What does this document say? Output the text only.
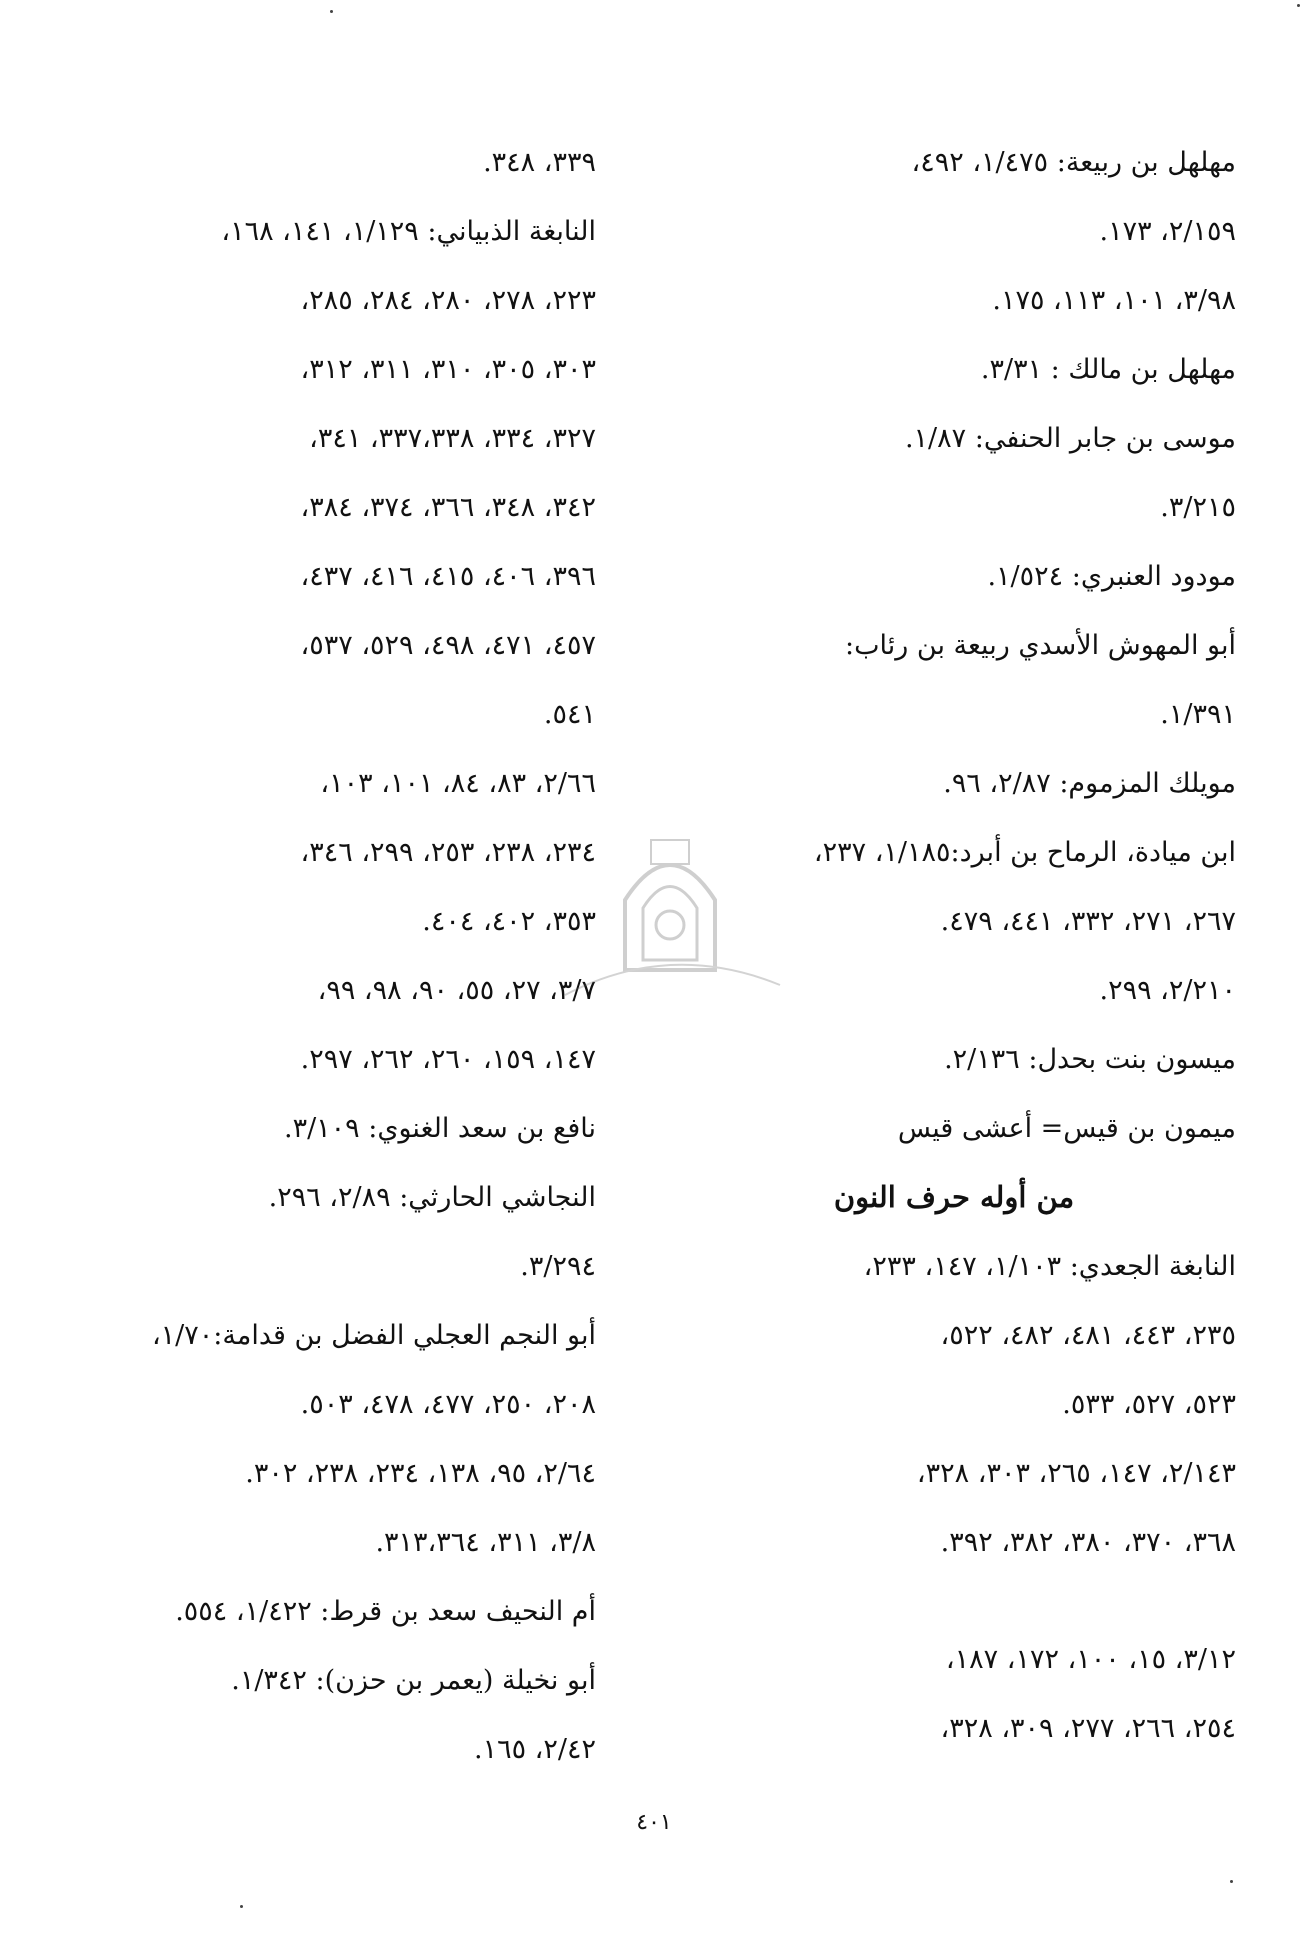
مهلهل بن ربيعة: ١/٤٧٥، ٤٩٢،
٢/١٥٩، ١٧٣.
٣/٩٨، ١٠١، ١١٣، ١٧٥.
مهلهل بن مالك : ٣/٣١.
موسى بن جابر الحنفي: ١/٨٧.
٣/٢١٥.
مودود العنبري: ١/٥٢٤.
أبو المهوش الأسدي ربيعة بن رئاب:
١/٣٩١.
مويلك المزموم: ٢/٨٧، ٩٦.
ابن ميادة، الرماح بن أبرد:١/١٨٥، ٢٣٧،
٢٦٧، ٢٧١، ٣٣٢، ٤٤١، ٤٧٩.
٢/٢١٠، ٢٩٩.
ميسون بنت بحدل: ٢/١٣٦.
ميمون بن قيس= أعشى قيس
من أوله حرف النون
النابغة الجعدي: ١/١٠٣، ١٤٧، ٢٣٣،
٢٣٥، ٤٤٣، ٤٨١، ٤٨٢، ٥٢٢،
٥٢٣، ٥٢٧، ٥٣٣.
٢/١٤٣، ١٤٧، ٢٦٥، ٣٠٣، ٣٢٨،
٣٦٨، ٣٧٠، ٣٨٠، ٣٨٢، ٣٩٢.
٣/١٢، ١٥، ١٠٠، ١٧٢، ١٨٧،
٢٥٤، ٢٦٦، ٢٧٧، ٣٠٩، ٣٢٨،
٣٣٩، ٣٤٨.
النابغة الذبياني: ١/١٢٩، ١٤١، ١٦٨،
٢٢٣، ٢٧٨، ٢٨٠، ٢٨٤، ٢٨٥،
٣٠٣، ٣٠٥، ٣١٠، ٣١١، ٣١٢،
٣٢٧، ٣٣٤، ٣٣٧،٣٣٨، ٣٤١،
٣٤٢، ٣٤٨، ٣٦٦، ٣٧٤، ٣٨٤،
٣٩٦، ٤٠٦، ٤١٥، ٤١٦، ٤٣٧،
٤٥٧، ٤٧١، ٤٩٨، ٥٢٩، ٥٣٧،
٥٤١.
٢/٦٦، ٨٣، ٨٤، ١٠١، ١٠٣،
٢٣٤، ٢٣٨، ٢٥٣، ٢٩٩، ٣٤٦،
٣٥٣، ٤٠٢، ٤٠٤.
٣/٧، ٢٧، ٥٥، ٩٠، ٩٨، ٩٩،
١٤٧، ١٥٩، ٢٦٠، ٢٦٢، ٢٩٧.
نافع بن سعد الغنوي: ٣/١٠٩.
النجاشي الحارثي: ٢/٨٩، ٢٩٦.
٣/٢٩٤.
أبو النجم العجلي الفضل بن قدامة:١/٧٠،
٢٠٨، ٢٥٠، ٤٧٧، ٤٧٨، ٥٠٣.
٢/٦٤، ٩٥، ١٣٨، ٢٣٤، ٢٣٨، ٣٠٢.
٣/٨، ٣١١، ٣١٣،٣٦٤.
أم النحيف سعد بن قرط: ١/٤٢٢، ٥٥٤.
أبو نخيلة (يعمر بن حزن): ١/٣٤٢.
٢/٤٢، ١٦٥.
٤٠١
